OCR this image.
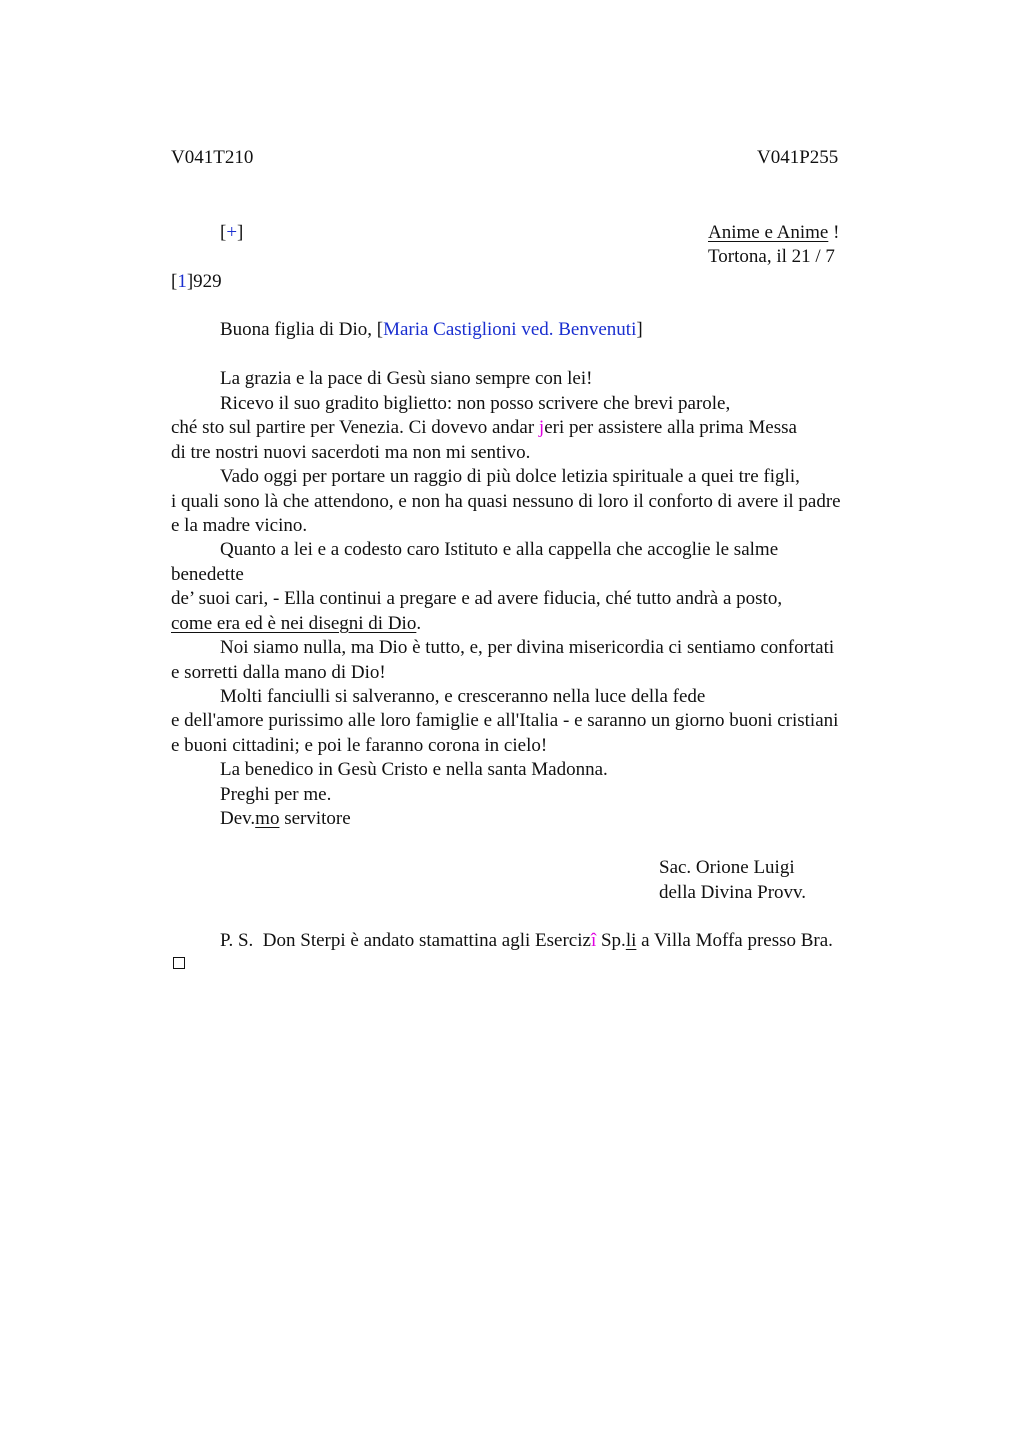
V041T210	V041P255
[+]	Anime e Anime !
Tortona, il 21 / 7
[1]929
Buona figlia di Dio, [Maria Castiglioni ved. Benvenuti]
La grazia e la pace di Gesù siano sempre con lei!
Ricevo il suo gradito biglietto: non posso scrivere che brevi parole,
ché sto sul partire per Venezia. Ci dovevo andar jeri per assistere alla prima Messa
di tre nostri nuovi sacerdoti ma non mi sentivo.
Vado oggi per portare un raggio di più dolce letizia spirituale a quei tre figli,
i quali sono là che attendono, e non ha quasi nessuno di loro il conforto di avere il padre
e la madre vicino.
Quanto a lei e a codesto caro Istituto e alla cappella che accoglie le salme
benedette
de’ suoi cari, - Ella continui a pregare e ad avere fiducia, ché tutto andrà a posto,
come era ed è nei disegni di Dio.
Noi siamo nulla, ma Dio è tutto, e, per divina misericordia ci sentiamo confortati
e sorretti dalla mano di Dio!
Molti fanciulli si salveranno, e cresceranno nella luce della fede
e dell'amore purissimo alle loro famiglie e all'Italia - e saranno un giorno buoni cristiani
e buoni cittadini; e poi le faranno corona in cielo!
La benedico in Gesù Cristo e nella santa Madonna.
Preghi per me.
Dev.mo servitore
Sac. Orione Luigi
della Divina Provv.
P. S.  Don Sterpi è andato stamattina agli Esercizî Sp.li a Villa Moffa presso Bra.
